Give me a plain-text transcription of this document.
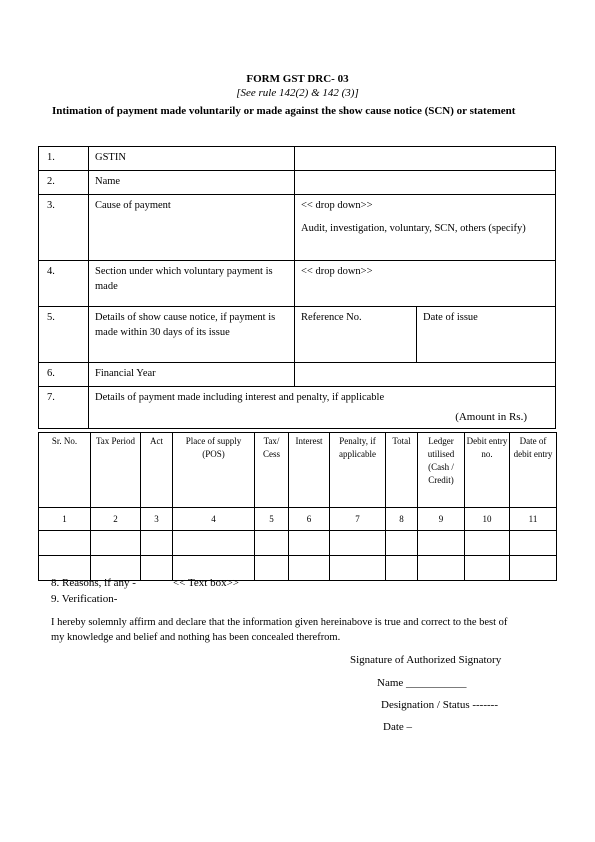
FORM GST DRC- 03
[See rule 142(2) & 142 (3)]
Intimation of payment made voluntarily or made against the show cause notice (SCN) or statement
1.	GSTIN		
2.	Name		
3.	Cause of payment	<< drop down>>
Audit, investigation, voluntary, SCN, others (specify)	

4.	Section under which voluntary payment is made	<< drop down>>	

5.	Details of show cause notice, if payment is made within 30 days of its issue	Reference No.	Date of issue
6.	Financial Year		
7.	Details of payment made including interest and penalty, if applicable
(Amount in Rs.)		
Sr. No.	Tax Period	Act	Place of supply (POS)	Tax/ Cess	Interest	Penalty, if applicable	Total	Ledger utilised (Cash / Credit)	Debit entry no.	Date of debit entry
1	2	3	4	5	6	7	8	9	10	11

8. Reasons, if any -	<< Text box>>
9. Verification-
I hereby solemnly affirm and declare that the information given hereinabove is true and correct to the best of my knowledge and belief and nothing has been concealed therefrom.
Signature of Authorized Signatory
Name ___________
Designation / Status -------
Date –
